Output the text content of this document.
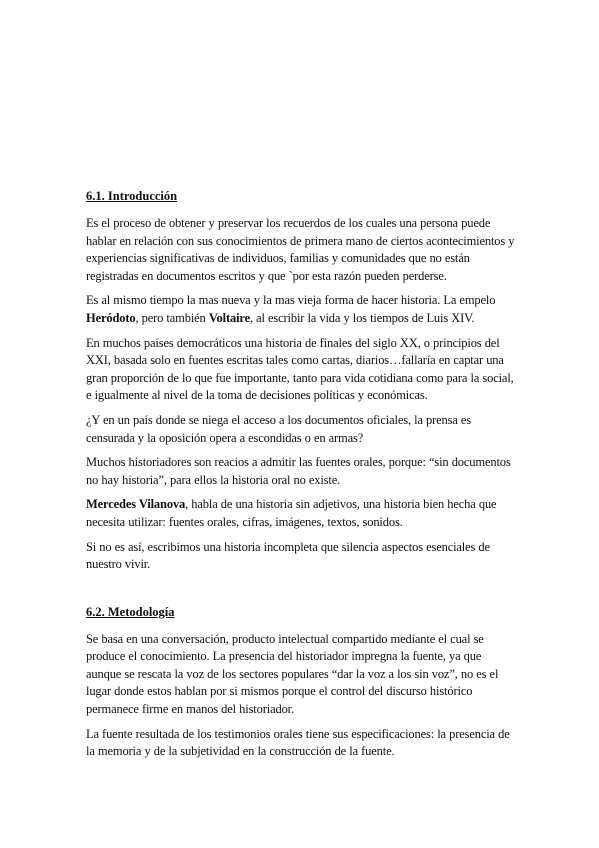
6.1. Introducción

Es el proceso de obtener y preservar los recuerdos de los cuales una persona puede hablar en relación con sus conocimientos de primera mano de ciertos acontecimientos y experiencias significativas de individuos, familias y comunidades que no están registradas en documentos escritos y que `por esta razón pueden perderse.

Es al mismo tiempo la mas nueva y la mas vieja forma de hacer historia. La empelo
Heródoto, pero también Voltaire, al escribir la vida y los tiempos de Luis XIV.

En muchos países democráticos una historia de finales del siglo XX, o principios del XXI, basada solo en fuentes escritas tales como cartas, diarios…fallaría en captar una gran proporción de lo que fue importante, tanto para vida cotidiana como para la social, e igualmente al nivel de la toma de decisiones políticas y económicas.

¿Y en un país donde se niega el acceso a los documentos oficiales, la prensa es censurada y la oposición opera a escondidas o en armas?

Muchos historiadores son reacios a admitir las fuentes orales, porque: “sin documentos no hay historia”, para ellos la historia oral no existe.

Mercedes Vilanova, habla de una historia sin adjetivos, una historia bien hecha que necesita utilizar: fuentes orales, cifras, imágenes, textos, sonidos.

Si no es así, escribimos una historia incompleta que silencia aspectos esenciales de nuestro vivir.

6.2. Metodología

Se basa en una conversación, producto intelectual compartido mediante el cual se produce el conocimiento. La presencia del historiador impregna la fuente, ya que aunque se rescata la voz de los sectores populares “dar la voz a los sin voz”, no es el lugar donde estos hablan por si mismos porque el control del discurso histórico permanece firme en manos del historiador.

La fuente resultada de los testimonios orales tiene sus especificaciones: la presencia de la memoria y de la subjetividad en la construcción de la fuente.
